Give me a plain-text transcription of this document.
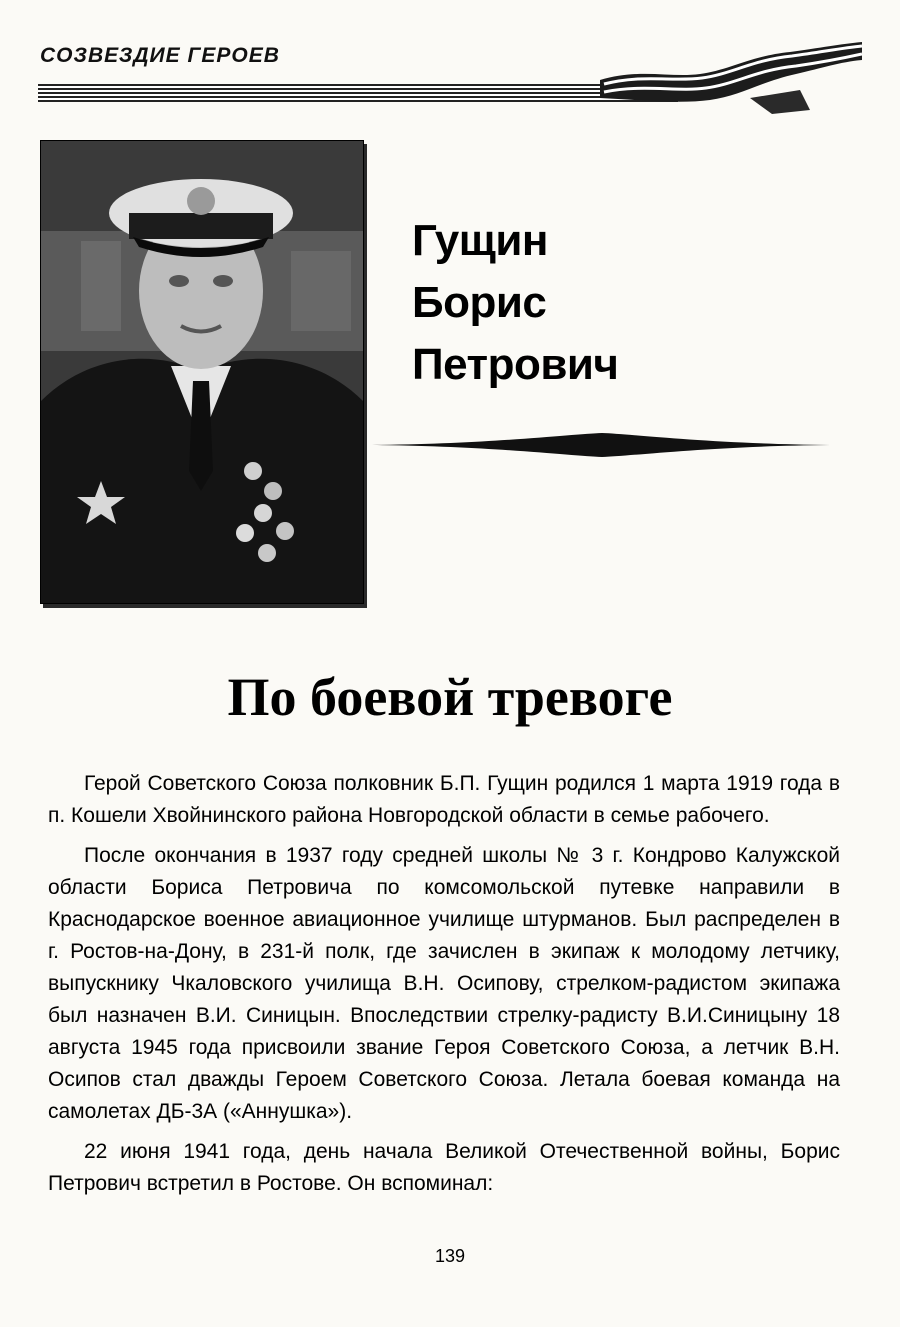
СОЗВЕЗДИЕ ГЕРОЕВ
Гущин
Борис
Петрович
По боевой тревоге

Герой Советского Союза полковник Б.П. Гущин родился 1 марта 1919 года в п. Кошели Хвойнинского района Новгородской области в семье рабочего.

После окончания в 1937 году средней школы № 3 г. Кондрово Калужской области Бориса Петровича по комсомольской путевке направили в Краснодарское военное авиационное училище штурманов. Был распределен в г. Ростов-на-Дону, в 231-й полк, где зачислен в экипаж к молодому летчику, выпускнику Чкаловского училища В.Н. Осипову, стрелком-радистом экипажа был назначен В.И. Синицын. Впоследствии стрелку-радисту В.И.Синицыну 18 августа 1945 года присвоили звание Героя Советского Союза, а летчик В.Н. Осипов стал дважды Героем Советского Союза. Летала боевая команда на самолетах ДБ-3А («Аннушка»).

22 июня 1941 года, день начала Великой Отечественной войны, Борис Петрович встретил в Ростове. Он вспоминал:

139
